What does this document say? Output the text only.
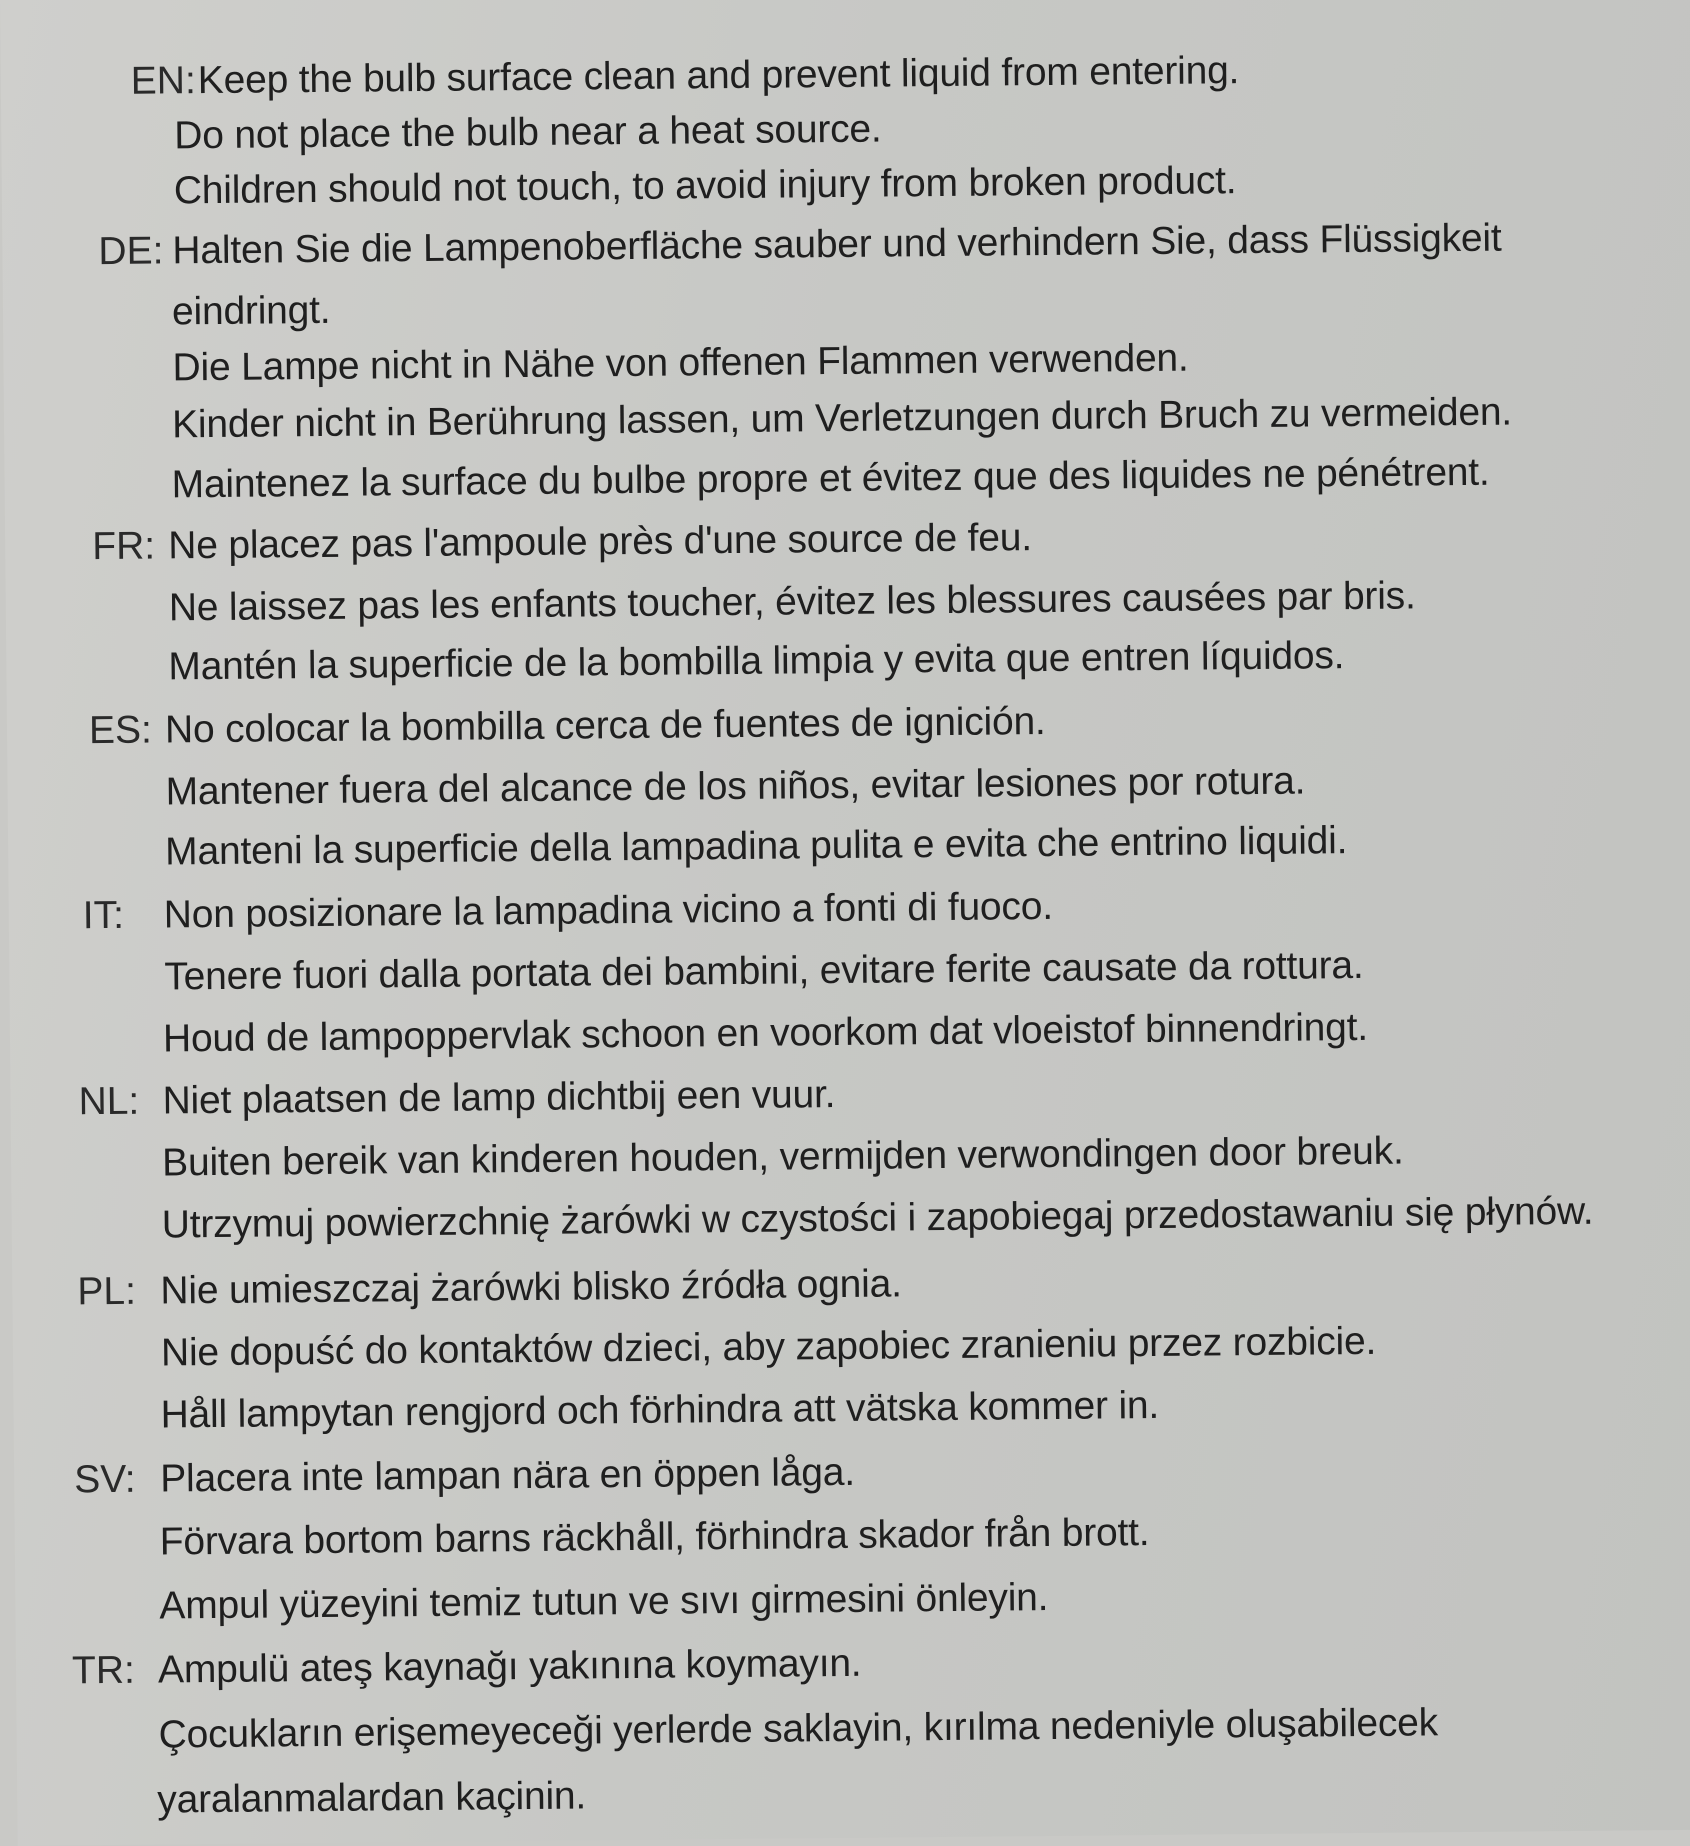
EN: Keep the bulb surface clean and prevent liquid from entering.
Do not place the bulb near a heat source.
Children should not touch, to avoid injury from broken product.
DE: Halten Sie die Lampenoberfläche sauber und verhindern Sie, dass Flüssigkeit
eindringt.
Die Lampe nicht in Nähe von offenen Flammen verwenden.
Kinder nicht in Berührung lassen, um Verletzungen durch Bruch zu vermeiden.
Maintenez la surface du bulbe propre et évitez que des liquides ne pénétrent.
FR: Ne placez pas l'ampoule près d'une source de feu.
Ne laissez pas les enfants toucher, évitez les blessures causées par bris.
Mantén la superficie de la bombilla limpia y evita que entren líquidos.
ES: No colocar la bombilla cerca de fuentes de ignición.
Mantener fuera del alcance de los niños, evitar lesiones por rotura.
Manteni la superficie della lampadina pulita e evita che entrino liquidi.
IT: Non posizionare la lampadina vicino a fonti di fuoco.
Tenere fuori dalla portata dei bambini, evitare ferite causate da rottura.
Houd de lampoppervlak schoon en voorkom dat vloeistof binnendringt.
NL: Niet plaatsen de lamp dichtbij een vuur.
Buiten bereik van kinderen houden, vermijden verwondingen door breuk.
Utrzymuj powierzchnię żarówki w czystości i zapobiegaj przedostawaniu się płynów.
PL: Nie umieszczaj żarówki blisko źródła ognia.
Nie dopuść do kontaktów dzieci, aby zapobiec zranieniu przez rozbicie.
Håll lampytan rengjord och förhindra att vätska kommer in.
SV: Placera inte lampan nära en öppen låga.
Förvara bortom barns räckhåll, förhindra skador från brott.
Ampul yüzeyini temiz tutun ve sıvı girmesini önleyin.
TR: Ampulü ateş kaynağı yakınına koymayın.
Çocukların erişemeyeceği yerlerde saklayin, kırılma nedeniyle oluşabilecek
yaralanmalardan kaçinin.
